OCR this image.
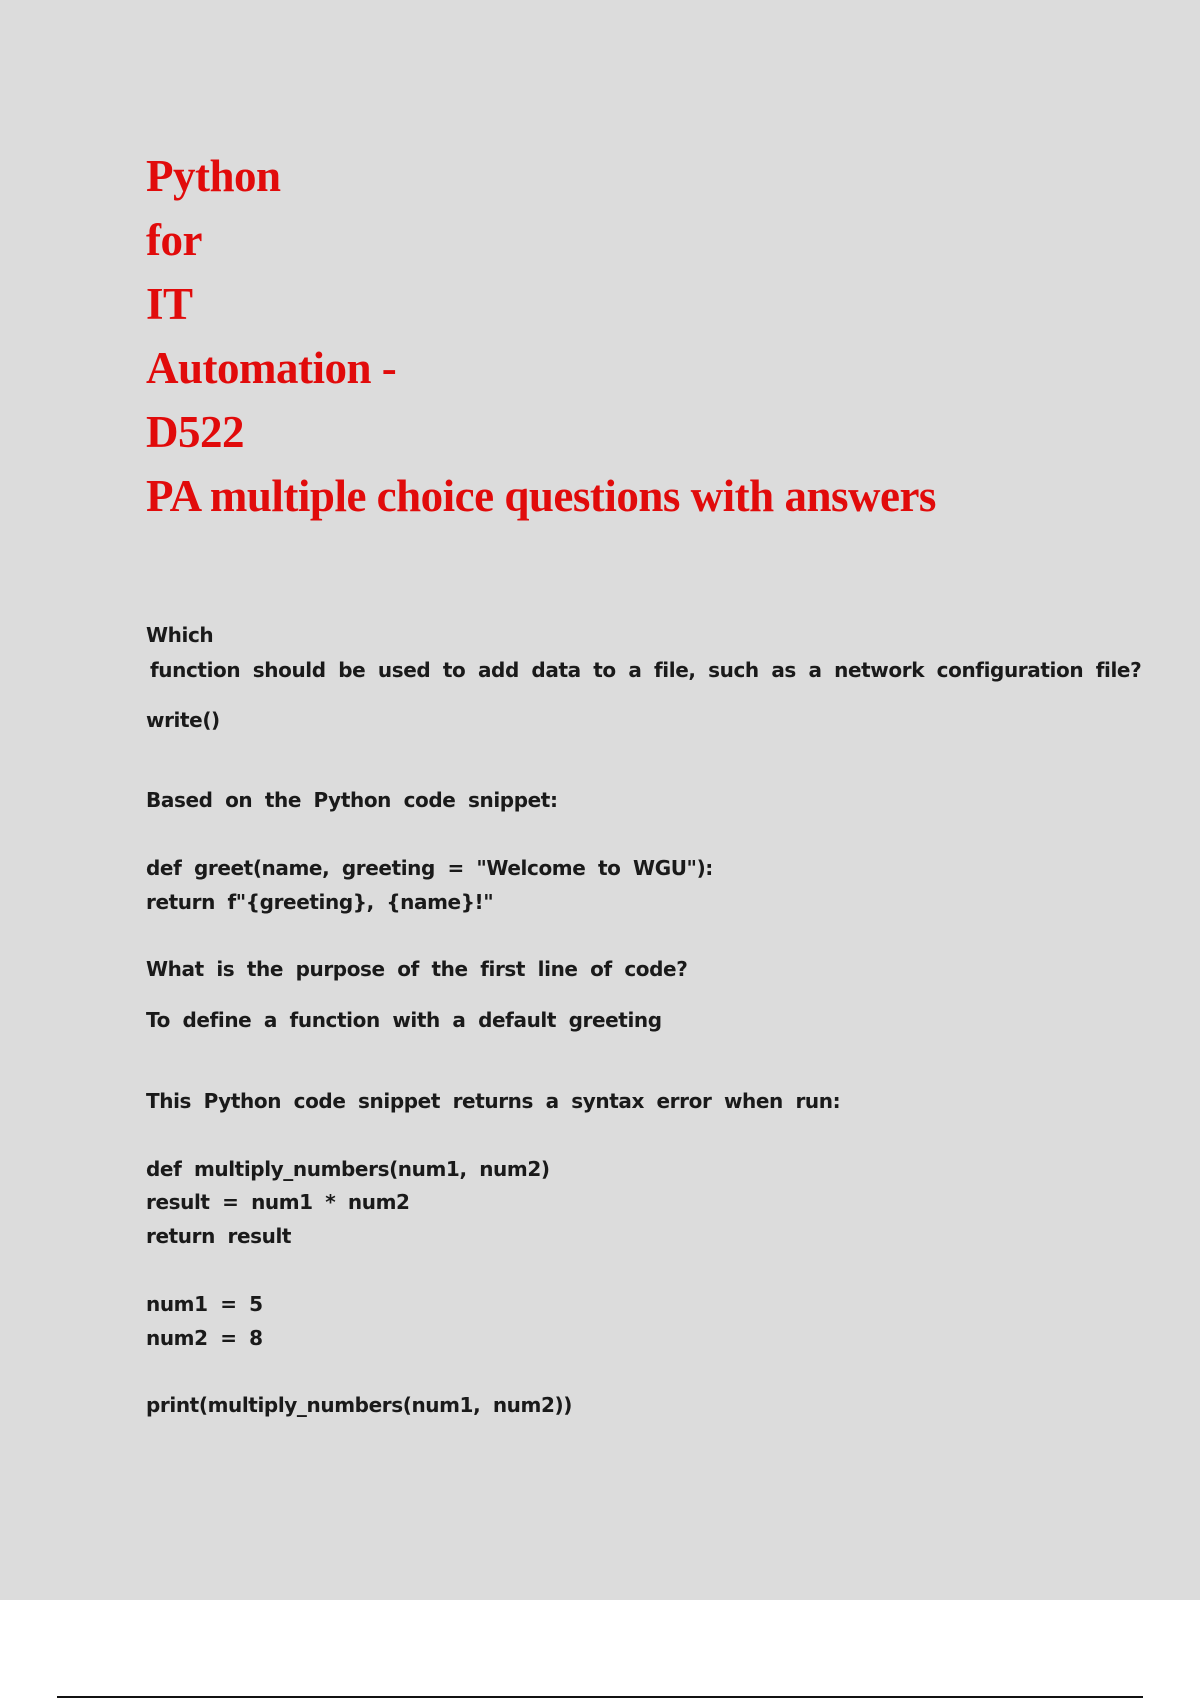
Python
for
IT
Automation -
D522
PA multiple choice questions with answers
Which
function should be used to add data to a file, such as a network configuration file?
write()
Based on the Python code snippet:
def greet(name, greeting = "Welcome to WGU"):
return f"{greeting}, {name}!"
What is the purpose of the first line of code?
To define a function with a default greeting
This Python code snippet returns a syntax error when run:
def multiply_numbers(num1, num2)
result = num1 * num2
return result
num1 = 5
num2 = 8
print(multiply_numbers(num1, num2))
